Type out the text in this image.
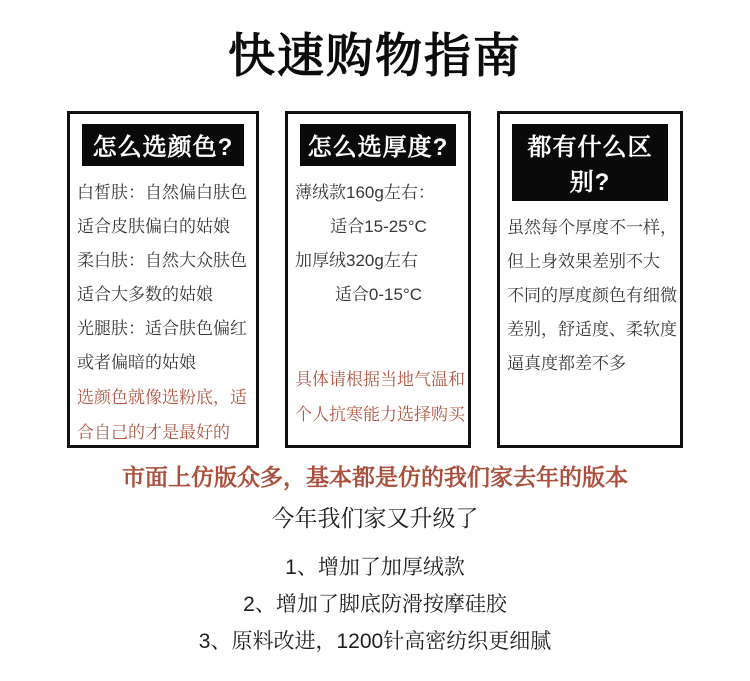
快速购物指南
怎么选颜色?
白皙肤：自然偏白肤色
适合皮肤偏白的姑娘
柔白肤：自然大众肤色
适合大多数的姑娘
光腿肤：适合肤色偏红
或者偏暗的姑娘
选颜色就像选粉底，适
合自己的才是最好的
怎么选厚度?
薄绒款160g左右：
适合15-25°C
加厚绒320g左右
适合0-15°C
具体请根据当地气温和
个人抗寒能力选择购买
都有什么区别?
虽然每个厚度不一样，
但上身效果差别不大
不同的厚度颜色有细微
差别，舒适度、柔软度
逼真度都差不多
市面上仿版众多，基本都是仿的我们家去年的版本
今年我们家又升级了
1、增加了加厚绒款
2、增加了脚底防滑按摩硅胶
3、原料改进，1200针高密纺织更细腻
